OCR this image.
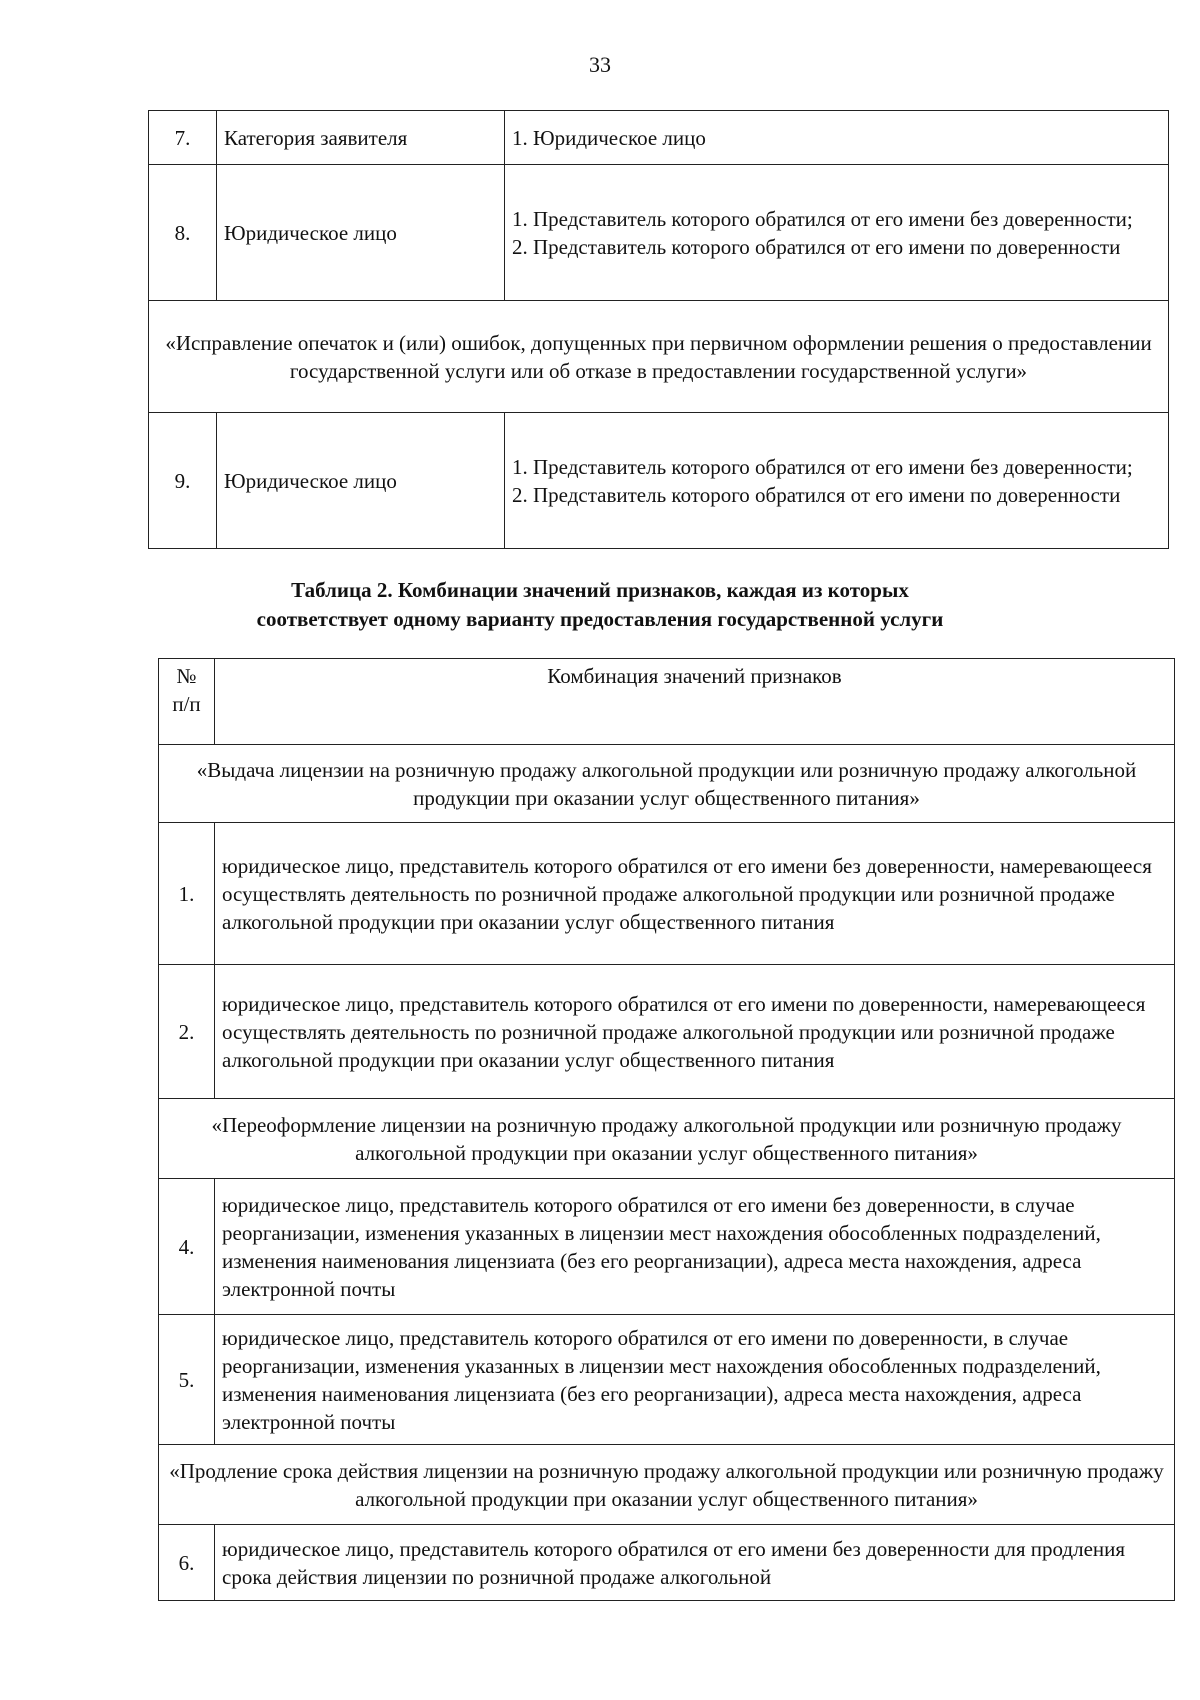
33
7.	Категория заявителя	1. Юридическое лицо
8.	Юридическое лицо	1. Представитель которого обратился от его имени без доверенности;
2. Представитель которого обратился от его имени по доверенности

«Исправление опечаток и (или) ошибок, допущенных при первичном оформлении решения о предоставлении государственной услуги или об отказе в предоставлении государственной услуги»		
9.	Юридическое лицо	1. Представитель которого обратился от его имени без доверенности;
2. Представитель которого обратился от его имени по доверенности
Таблица 2. Комбинации значений признаков, каждая из которых
соответствует одному варианту предоставления государственной услуги
№ п/п	Комбинация значений признаков
«Выдача лицензии на розничную продажу алкогольной продукции или розничную продажу алкогольной продукции при оказании услуг общественного питания»	
1.	юридическое лицо, представитель которого обратился от его имени без доверенности, намеревающееся осуществлять деятельность по розничной продаже алкогольной продукции или розничной продаже алкогольной продукции при оказании услуг общественного питания
2.	юридическое лицо, представитель которого обратился от его имени по доверенности, намеревающееся осуществлять деятельность по розничной продаже алкогольной продукции или розничной продаже алкогольной продукции при оказании услуг общественного питания
«Переоформление лицензии на розничную продажу алкогольной продукции или розничную продажу алкогольной продукции при оказании услуг общественного питания»	
4.	юридическое лицо, представитель которого обратился от его имени без доверенности, в случае реорганизации, изменения указанных в лицензии мест нахождения обособленных подразделений, изменения наименования лицензиата (без его реорганизации), адреса места нахождения, адреса электронной почты
5.	юридическое лицо, представитель которого обратился от его имени по доверенности, в случае реорганизации, изменения указанных в лицензии мест нахождения обособленных подразделений, изменения наименования лицензиата (без его реорганизации), адреса места нахождения, адреса электронной почты
«Продление срока действия лицензии на розничную продажу алкогольной продукции или розничную продажу алкогольной продукции при оказании услуг общественного питания»	
6.	юридическое лицо, представитель которого обратился от его имени без доверенности для продления срока действия лицензии по розничной продаже алкогольной
